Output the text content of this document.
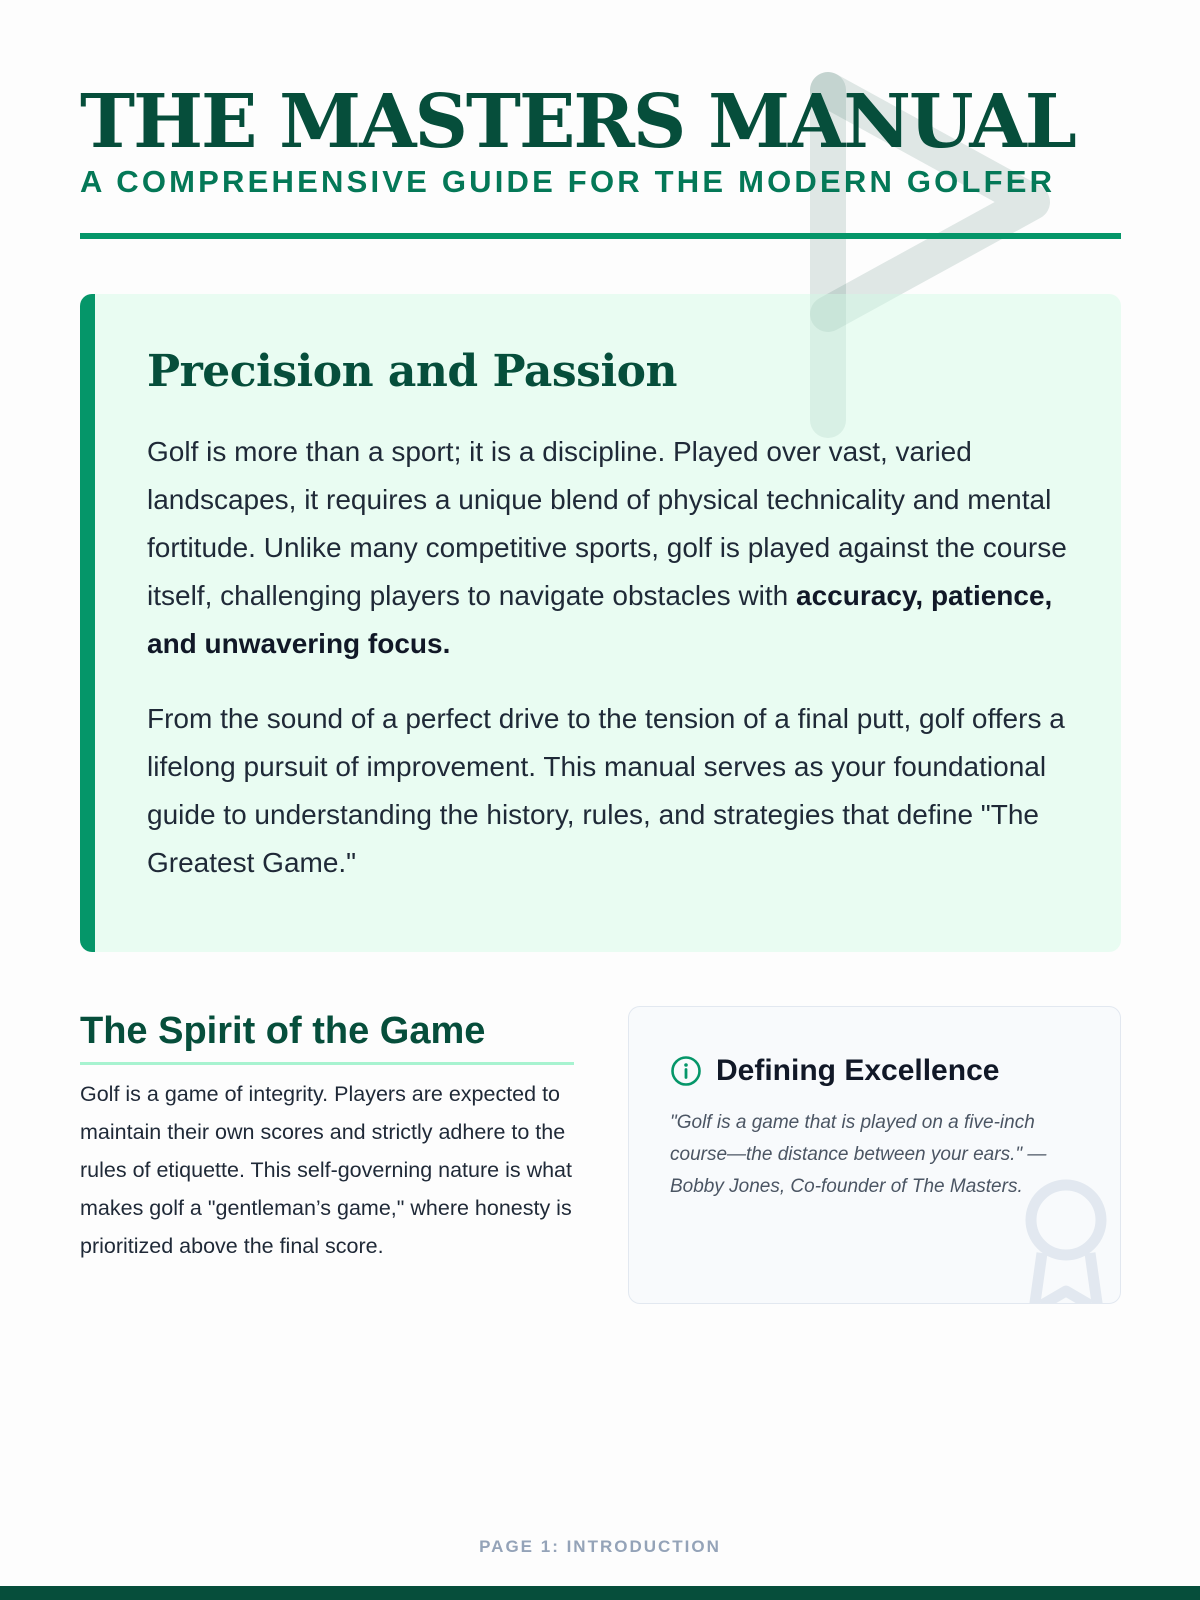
THE MASTERS MANUAL
A COMPREHENSIVE GUIDE FOR THE MODERN GOLFER
Precision and Passion

Golf is more than a sport; it is a discipline. Played over vast, varied landscapes, it requires a unique blend of physical technicality and mental fortitude. Unlike many competitive sports, golf is played against the course itself, challenging players to navigate obstacles with accuracy, patience, and unwavering focus.

From the sound of a perfect drive to the tension of a final putt, golf offers a lifelong pursuit of improvement. This manual serves as your foundational guide to understanding the history, rules, and strategies that define "The Greatest Game."

The Spirit of the Game

Golf is a game of integrity. Players are expected to maintain their own scores and strictly adhere to the rules of etiquette. This self-governing nature is what makes golf a "gentleman’s game," where honesty is prioritized above the final score.

Defining Excellence

"Golf is a game that is played on a five-inch course—the distance between your ears." — Bobby Jones, Co-founder of The Masters.

PAGE 1: INTRODUCTION
